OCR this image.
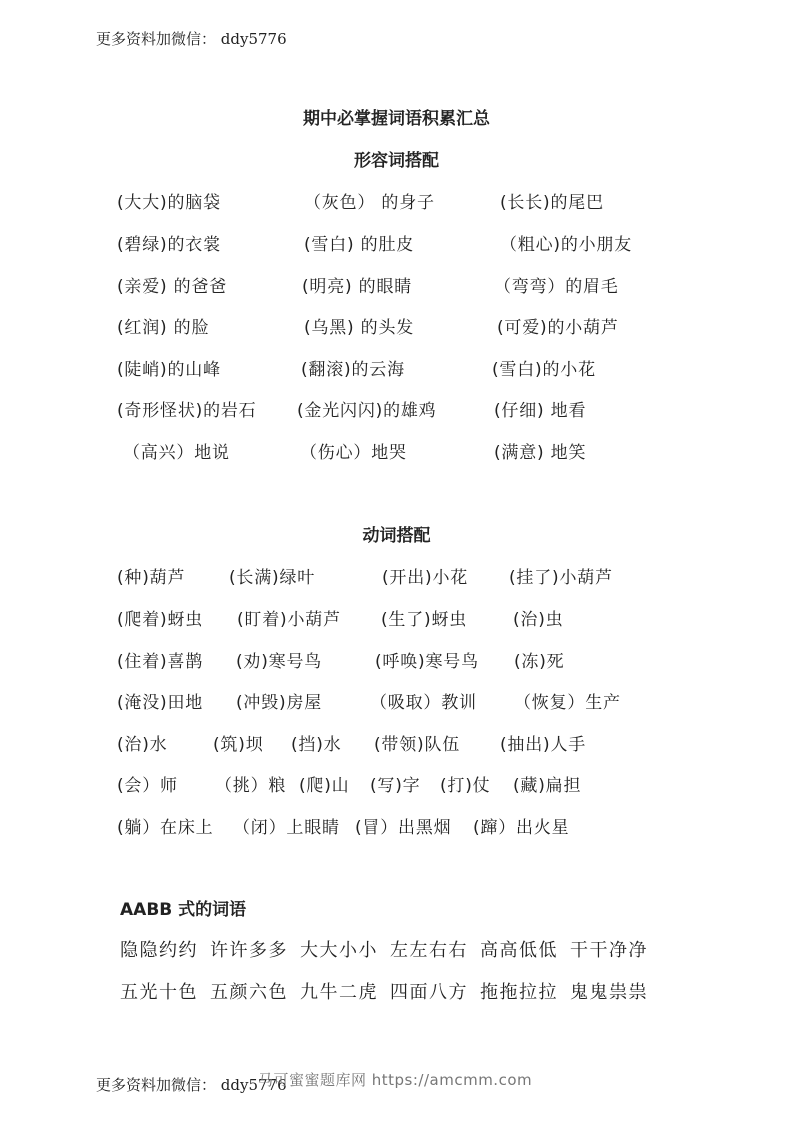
更多资料加微信： ddy5776
期中必掌握词语积累汇总
形容词搭配
(大大)的脑袋	（灰色） 的身子	(长长)的尾巴
(碧绿)的衣裳	(雪白) 的肚皮	（粗心)的小朋友
(亲爱) 的爸爸	(明亮) 的眼睛	（弯弯）的眉毛
(红润) 的脸	(乌黑) 的头发	(可爱)的小葫芦
(陡峭)的山峰	(翻滚)的云海	(雪白)的小花
(奇形怪状)的岩石 (金光闪闪)的雄鸡	(仔细) 地看
（高兴）地说	（伤心）地哭	(满意) 地笑
动词搭配
(种)葫芦	(长满)绿叶	(开出)小花 (挂了)小葫芦
(爬着)蚜虫 (盯着)小葫芦 (生了)蚜虫	(治)虫
(住着)喜鹊 (劝)寒号鸟	(呼唤)寒号鸟 (冻)死
(淹没)田地 (冲毁)房屋	（吸取）教训 （恢复）生产
(治)水	(筑)坝 (挡)水 (带领)队伍 (抽出)人手
(会）师 （挑）粮 (爬)山 (写)字 (打)仗 (藏)扁担
(躺）在床上 （闭）上眼睛 (冒）出黑烟 (蹿）出火星
AABB 式的词语
隐隐约约 许许多多 大大小小 左左右右 高高低低 干干净净
五光十色 五颜六色 九牛二虎 四面八方 拖拖拉拉 鬼鬼祟祟
更多资料加微信： ddy5776
马可蜜蜜题库网 https://amcmm.com
